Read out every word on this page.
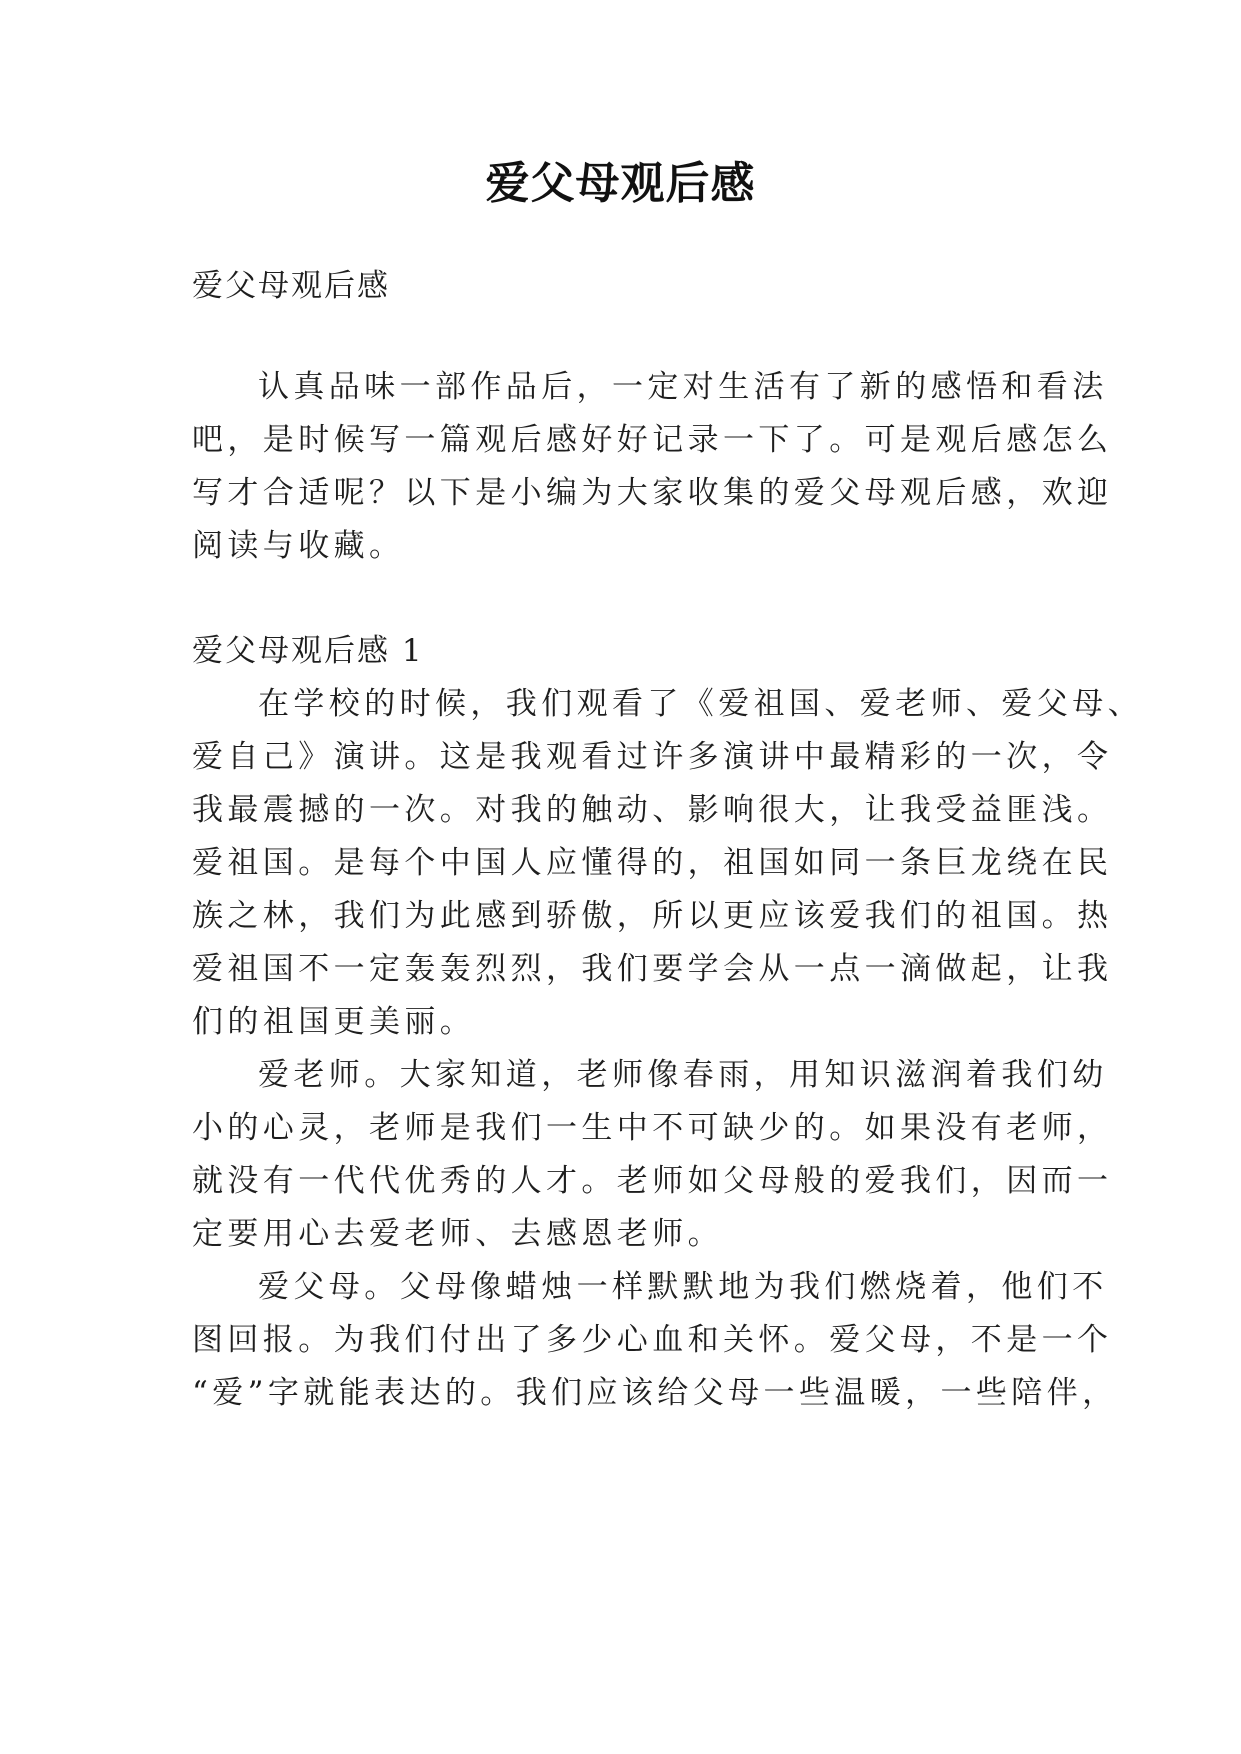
爱父母观后感
爱父母观后感
认真品味一部作品后，一定对生活有了新的感悟和看法
吧，是时候写一篇观后感好好记录一下了。可是观后感怎么
写才合适呢？以下是小编为大家收集的爱父母观后感，欢迎
阅读与收藏。
爱父母观后感 1
在学校的时候，我们观看了《爱祖国、爱老师、爱父母、
爱自己》演讲。这是我观看过许多演讲中最精彩的一次，令
我最震撼的一次。对我的触动、影响很大，让我受益匪浅。
爱祖国。是每个中国人应懂得的，祖国如同一条巨龙绕在民
族之林，我们为此感到骄傲，所以更应该爱我们的祖国。热
爱祖国不一定轰轰烈烈，我们要学会从一点一滴做起，让我
们的祖国更美丽。
爱老师。大家知道，老师像春雨，用知识滋润着我们幼
小的心灵，老师是我们一生中不可缺少的。如果没有老师，
就没有一代代优秀的人才。老师如父母般的爱我们，因而一
定要用心去爱老师、去感恩老师。
爱父母。父母像蜡烛一样默默地为我们燃烧着，他们不
图回报。为我们付出了多少心血和关怀。爱父母，不是一个
“爱”字就能表达的。我们应该给父母一些温暖，一些陪伴，
